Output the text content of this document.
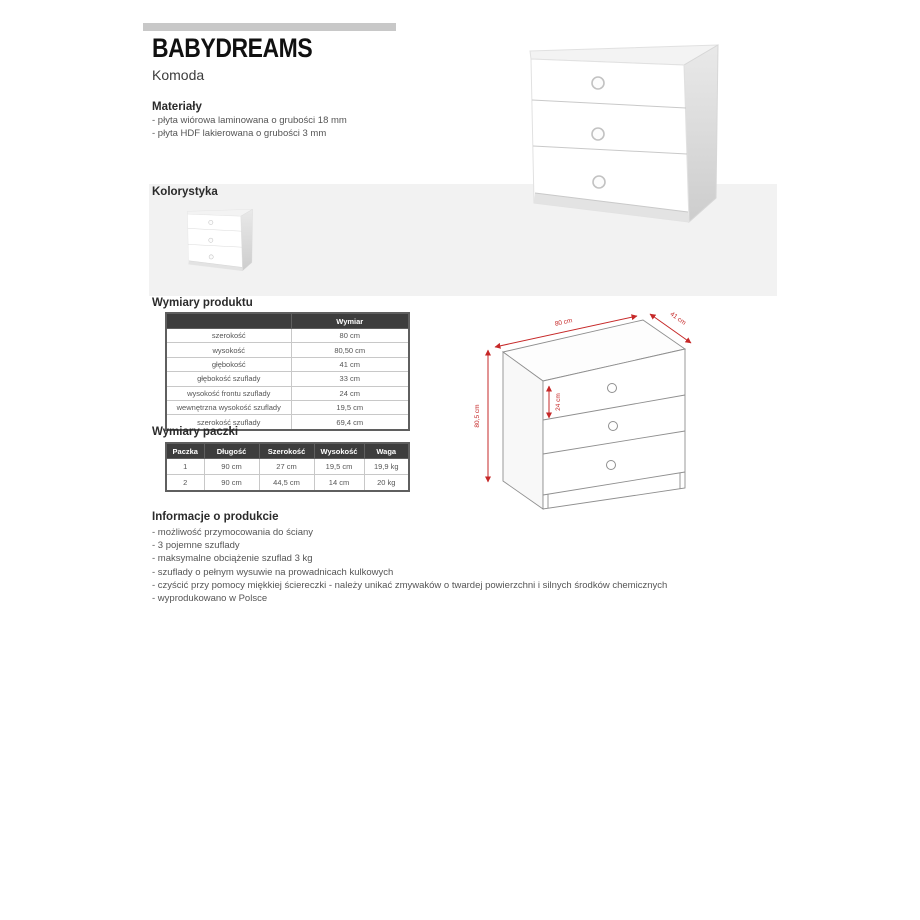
BABYDREAMS
Komoda
Materiały
- płyta wiórowa laminowana o grubości 18 mm
- płyta HDF lakierowana o grubości 3 mm
Kolorystyka
Wymiary produktu
	Wymiar
szerokość	80 cm
wysokość	80,50 cm
głębokość	41 cm
głębokość szuflady	33 cm
wysokość frontu szuflady	24 cm
wewnętrzna wysokość szuflady	19,5 cm
szerokość szuflady	69,4 cm
Wymiary paczki
Paczka	Długość	Szerokość	Wysokość	Waga
1	90 cm	27 cm	19,5 cm	19,9 kg
2	90 cm	44,5 cm	14 cm	20 kg
80,5 cm
80 cm	41 cm
24 cm
Informacje o produkcie
- możliwość przymocowania do ściany
- 3 pojemne szuflady
- maksymalne obciążenie szuflad 3 kg
- szuflady o pełnym wysuwie na prowadnicach kulkowych
- czyścić przy pomocy miękkiej ściereczki - należy unikać zmywaków o twardej powierzchni i silnych środków chemicznych
- wyprodukowano w Polsce
